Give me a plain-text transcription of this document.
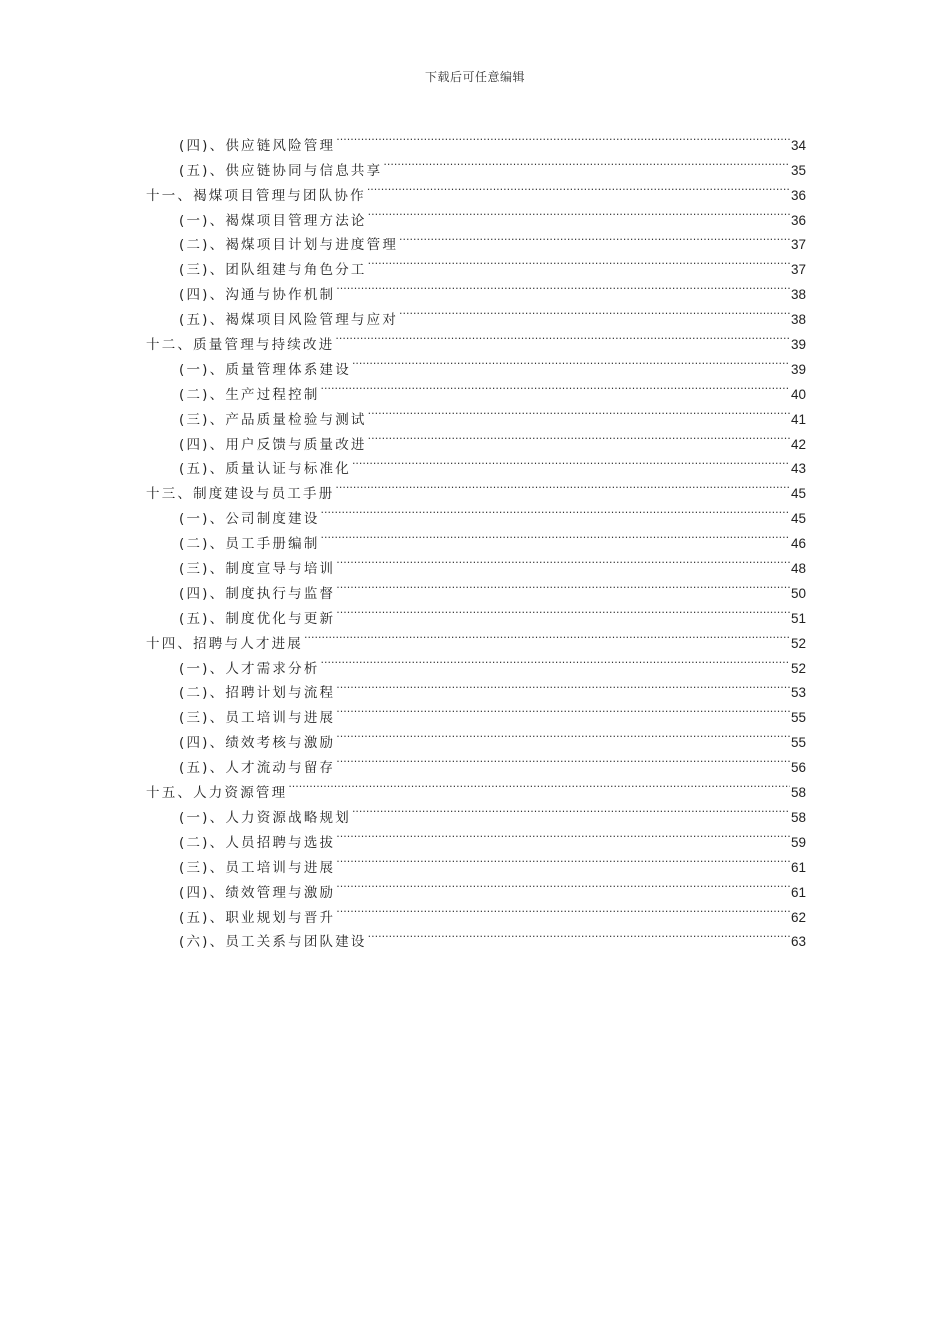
下载后可任意编辑
(四)、供应链风险管理 .....	34
(五)、供应链协同与信息共享 .....	35
十一、褐煤项目管理与团队协作 .....	36
(一)、褐煤项目管理方法论 .....	36
(二)、褐煤项目计划与进度管理 .....	37
(三)、团队组建与角色分工 .....	37
(四)、沟通与协作机制 .....	38
(五)、褐煤项目风险管理与应对 .....	38
十二、质量管理与持续改进 .....	39
(一)、质量管理体系建设 .....	39
(二)、生产过程控制 .....	40
(三)、产品质量检验与测试 .....	41
(四)、用户反馈与质量改进 .....	42
(五)、质量认证与标准化 .....	43
十三、制度建设与员工手册 .....	45
(一)、公司制度建设 .....	45
(二)、员工手册编制 .....	46
(三)、制度宣导与培训 .....	48
(四)、制度执行与监督 .....	50
(五)、制度优化与更新 .....	51
十四、招聘与人才进展 .....	52
(一)、人才需求分析 .....	52
(二)、招聘计划与流程 .....	53
(三)、员工培训与进展 .....	55
(四)、绩效考核与激励 .....	55
(五)、人才流动与留存 .....	56
十五、人力资源管理 .....	58
(一)、人力资源战略规划 .....	58
(二)、人员招聘与选拔 .....	59
(三)、员工培训与进展 .....	61
(四)、绩效管理与激励 .....	61
(五)、职业规划与晋升 .....	62
(六)、员工关系与团队建设 .....	63
